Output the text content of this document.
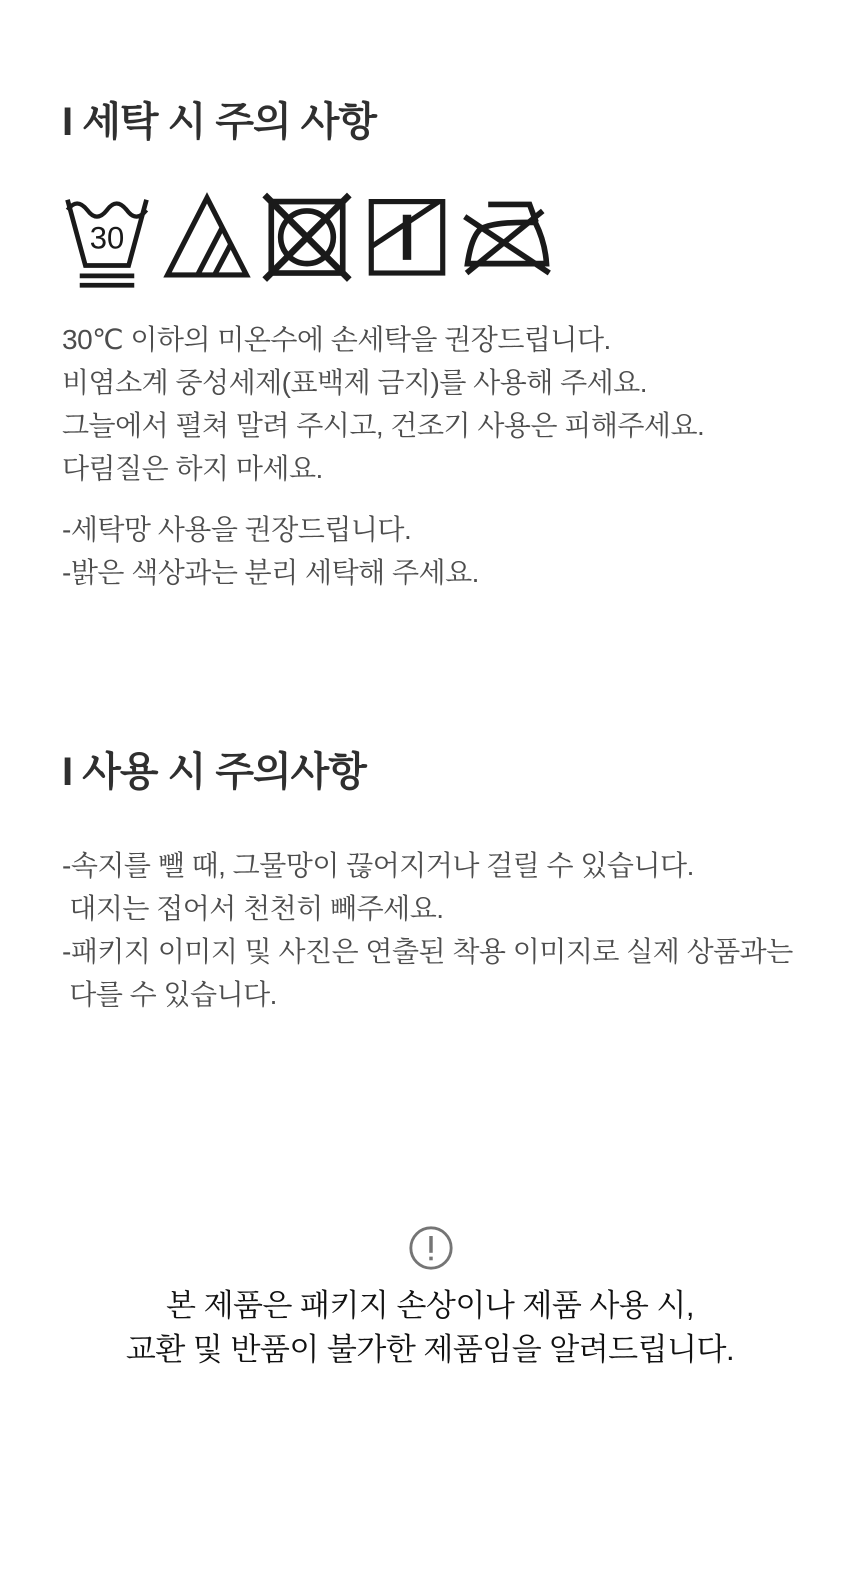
I 세탁 시 주의 사항
30
30℃ 이하의 미온수에 손세탁을 권장드립니다.
비염소계 중성세제(표백제 금지)를 사용해 주세요.
그늘에서 펼쳐 말려 주시고, 건조기 사용은 피해주세요.
다림질은 하지 마세요.
-세탁망 사용을 권장드립니다.
-밝은 색상과는 분리 세탁해 주세요.
I 사용 시 주의사항
-속지를 뺄 때, 그물망이 끊어지거나 걸릴 수 있습니다.
대지는 접어서 천천히 빼주세요.
-패키지 이미지 및 사진은 연출된 착용 이미지로 실제 상품과는
다를 수 있습니다.
본 제품은 패키지 손상이나 제품 사용 시,
교환 및 반품이 불가한 제품임을 알려드립니다.
